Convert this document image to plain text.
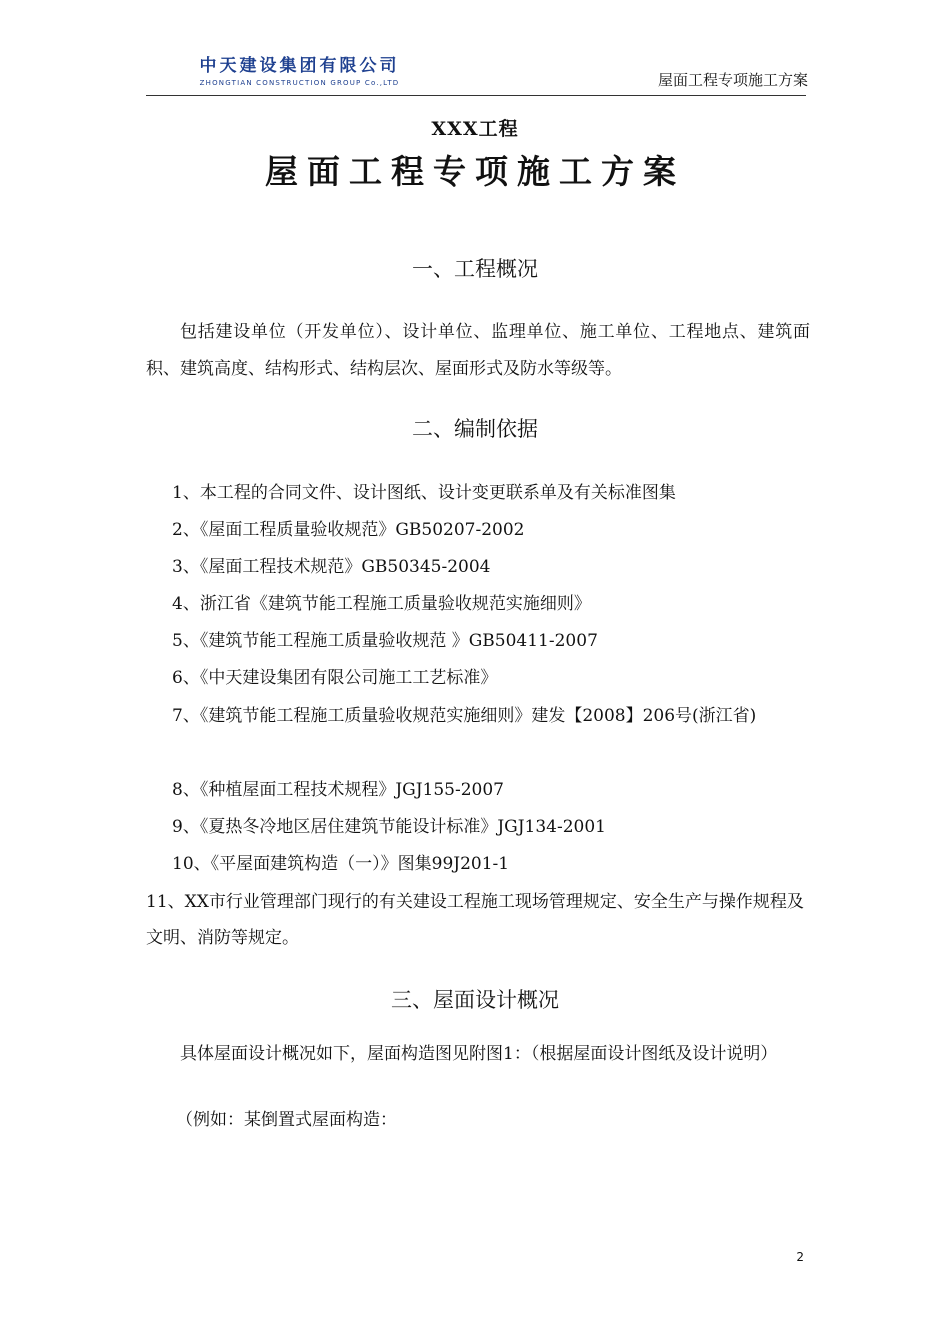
中天建设集团有限公司
ZHONGTIAN CONSTRUCTION GROUP Co.,LTD	屋面工程专项施工方案
XXX工程
屋面工程专项施工方案
一、工程概况
包括建设单位（开发单位）、设计单位、监理单位、施工单位、工程地点、建筑面积、建筑高度、结构形式、结构层次、屋面形式及防水等级等。
二、编制依据
1、本工程的合同文件、设计图纸、设计变更联系单及有关标准图集
2、《屋面工程质量验收规范》GB50207-2002
3、《屋面工程技术规范》GB50345-2004
4、浙江省《建筑节能工程施工质量验收规范实施细则》
5、《建筑节能工程施工质量验收规范 》GB50411-2007
6、《中天建设集团有限公司施工工艺标准》
7、《建筑节能工程施工质量验收规范实施细则》建发【2008】206号(浙江省)
8、《种植屋面工程技术规程》JGJ155-2007
9、《夏热冬冷地区居住建筑节能设计标准》JGJ134-2001
10、《平屋面建筑构造（一）》图集99J201-1
11、XX市行业管理部门现行的有关建设工程施工现场管理规定、安全生产与操作规程及文明、消防等规定。
三、屋面设计概况
具体屋面设计概况如下，屋面构造图见附图1：（根据屋面设计图纸及设计说明）
（例如：某倒置式屋面构造：
2
